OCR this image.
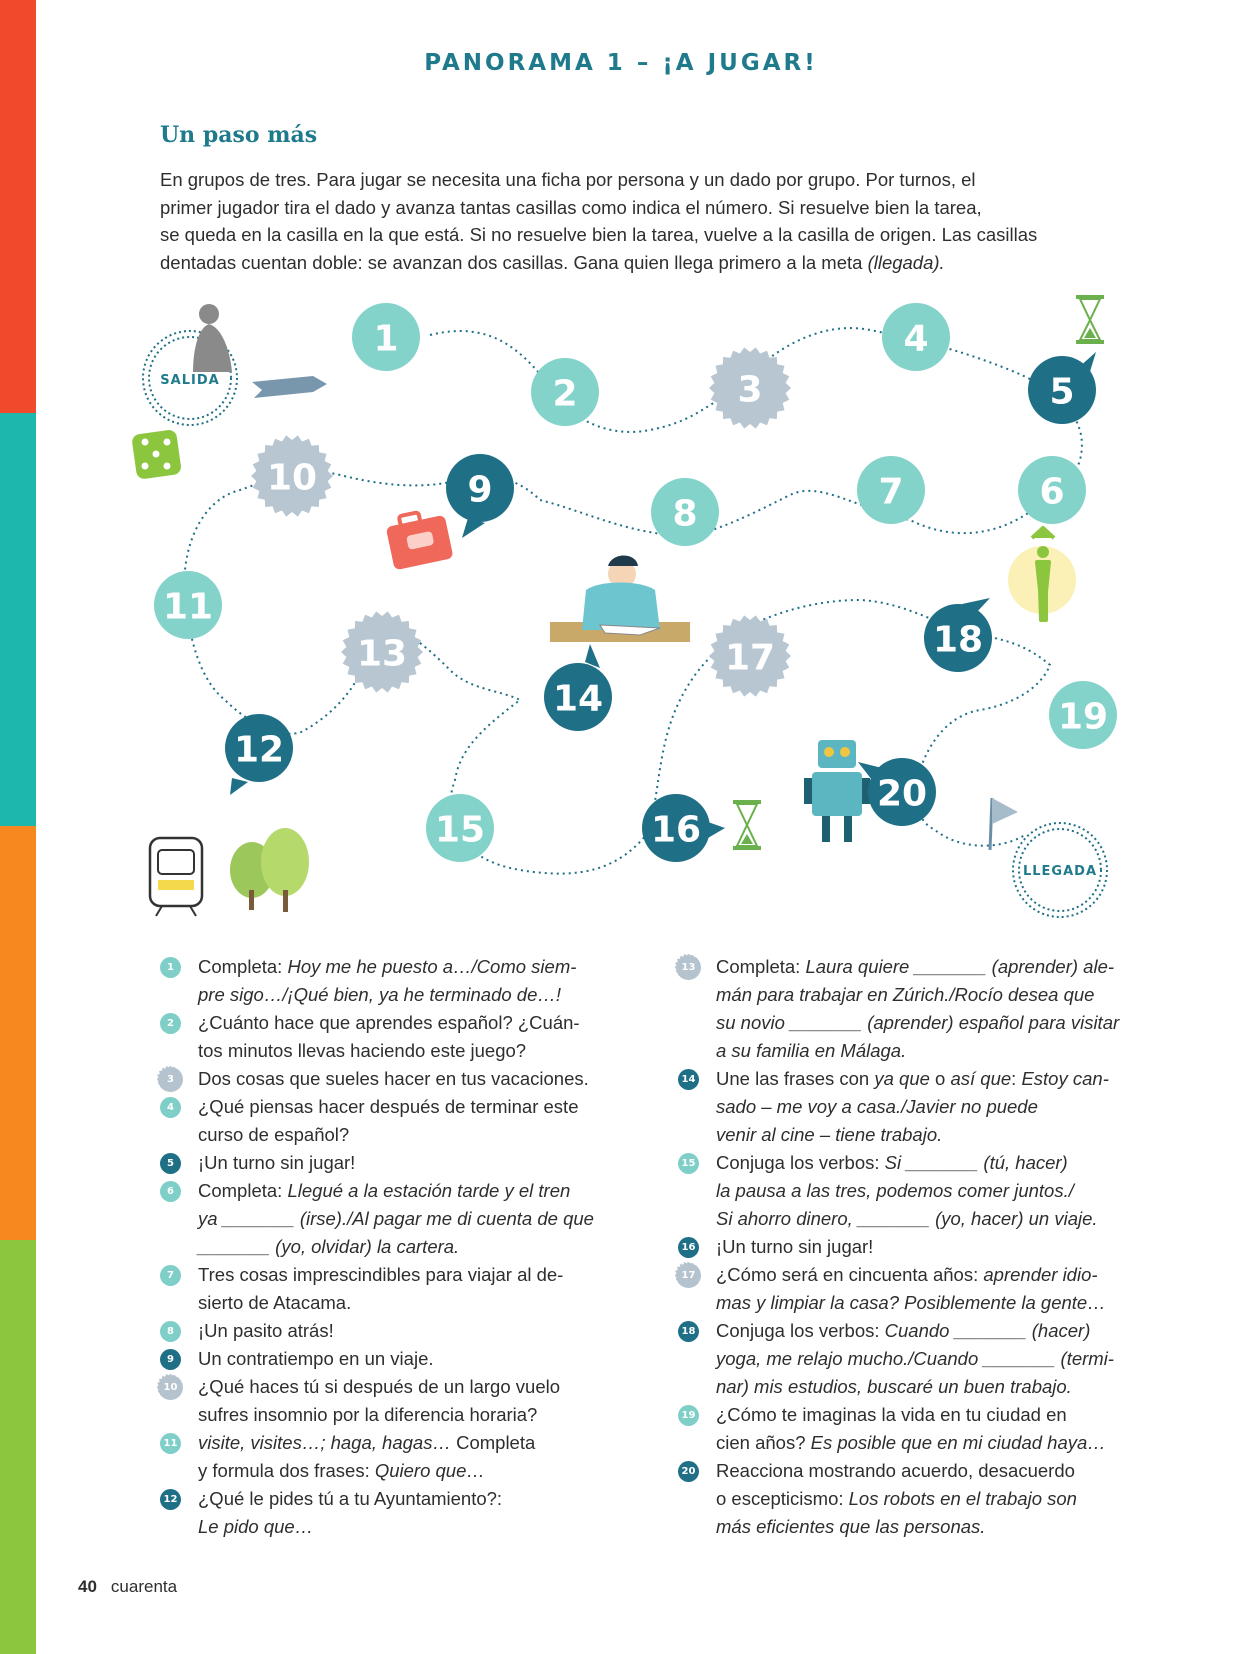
PANORAMA 1 – ¡A JUGAR!
Un paso más

En grupos de tres. Para jugar se necesita una ficha por persona y un dado por grupo. Por turnos, el

primer jugador tira el dado y avanza tantas casillas como indica el número. Si resuelve bien la tarea,

se queda en la casilla en la que está. Si no resuelve bien la tarea, vuelve a la casilla de origen. Las casillas

dentadas cuentan doble: se avanzan dos casillas. Gana quien llega primero a la meta (llegada).

SALIDA
LLEGADA
1
2	3
4
5
6
7
8
9
10
11
12
13
14
15	16
17	18
19
20
1	Completa: Hoy me he puesto a…/Como siem-
pre sigo…/¡Qué bien, ya he terminado de…!
2	¿Cuánto hace que aprendes español? ¿Cuán-
tos minutos llevas haciendo este juego?
3	Dos cosas que sueles hacer en tus vacaciones.
4	¿Qué piensas hacer después de terminar este
curso de español?
5	¡Un turno sin jugar!
6	Completa: Llegué a la estación tarde y el tren
ya _______ (irse)./Al pagar me di cuenta de que
_______ (yo, olvidar) la cartera.
7	Tres cosas imprescindibles para viajar al de-
sierto de Atacama.
8	¡Un pasito atrás!
9	Un contratiempo en un viaje.
10 ¿Qué haces tú si después de un largo vuelo
sufres insomnio por la diferencia horaria?
11 visite, visites…; haga, hagas… Completa
y formula dos frases: Quiero que…
12 ¿Qué le pides tú a tu Ayuntamiento?:
Le pido que…
13 Completa: Laura quiere _______ (aprender) ale-
mán para trabajar en Zúrich./Rocío desea que
su novio _______ (aprender) español para visitar
a su familia en Málaga.
14 Une las frases con ya que o así que: Estoy can-
sado – me voy a casa./Javier no puede
venir al cine – tiene trabajo.
15 Conjuga los verbos: Si _______ (tú, hacer)
la pausa a las tres, podemos comer juntos./
Si ahorro dinero, _______ (yo, hacer) un viaje.
16 ¡Un turno sin jugar!
17 ¿Cómo será en cincuenta años: aprender idio-
mas y limpiar la casa? Posiblemente la gente…
18 Conjuga los verbos: Cuando _______ (hacer)
yoga, me relajo mucho./Cuando _______ (termi-
nar) mis estudios, buscaré un buen trabajo.
19 ¿Cómo te imaginas la vida en tu ciudad en
cien años? Es posible que en mi ciudad haya…
20 Reacciona mostrando acuerdo, desacuerdo
o escepticismo: Los robots en el trabajo son
más eficientes que las personas.
40 cuarenta
